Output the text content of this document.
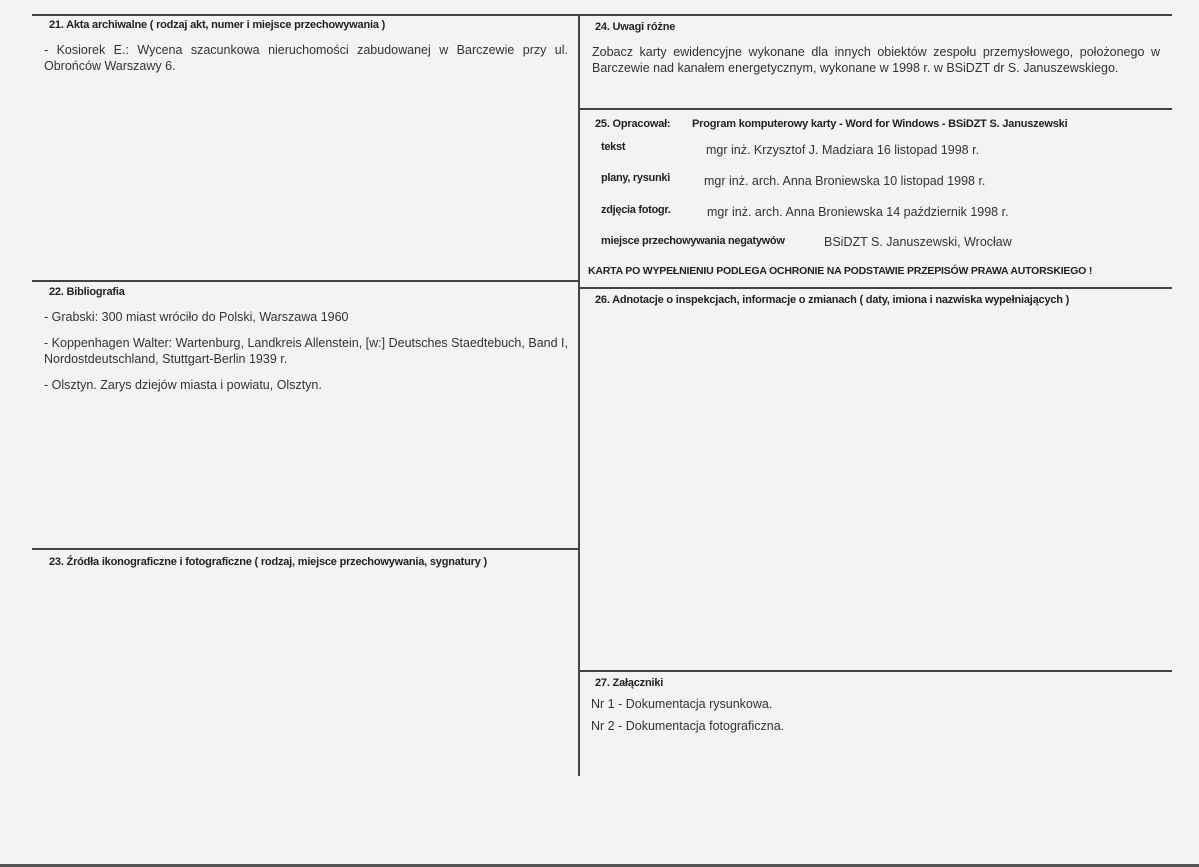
21. Akta archiwalne ( rodzaj akt, numer i miejsce przechowywania )
- Kosiorek E.: Wycena szacunkowa nieruchomości zabudowanej w Barczewie przy ul. Obrońców Warszawy 6.
22. Bibliografia
- Grabski: 300 miast wróciło do Polski, Warszawa 1960
- Koppenhagen Walter: Wartenburg, Landkreis Allenstein, [w:] Deutsches Staedtebuch, Band I, Nordostdeutschland, Stuttgart-Berlin 1939 r.
- Olsztyn. Zarys dziejów miasta i powiatu, Olsztyn.
23. Źródła ikonograficzne i fotograficzne ( rodzaj, miejsce przechowywania, sygnatury )
24. Uwagi różne
Zobacz karty ewidencyjne wykonane dla innych obiektów zespołu przemysłowego, położonego w Barczewie nad kanałem energetycznym, wykonane w 1998 r. w BSiDZT dr S. Januszewskiego.
25. Opracował: Program komputerowy karty - Word for Windows - BSiDZT S. Januszewski
tekst	mgr inż. Krzysztof J. Madziara 16 listopad 1998 r.
plany, rysunki	mgr inż. arch. Anna Broniewska 10 listopad 1998 r.
zdjęcia fotogr.	mgr inż. arch. Anna Broniewska 14 październik 1998 r.
miejsce przechowywania negatywów	BSiDZT S. Januszewski, Wrocław
KARTA PO WYPEŁNIENIU PODLEGA OCHRONIE NA PODSTAWIE PRZEPISÓW PRAWA AUTORSKIEGO !
26. Adnotacje o inspekcjach, informacje o zmianach ( daty, imiona i nazwiska wypełniających )
27. Załączniki
Nr 1 - Dokumentacja rysunkowa.
Nr 2 - Dokumentacja fotograficzna.
